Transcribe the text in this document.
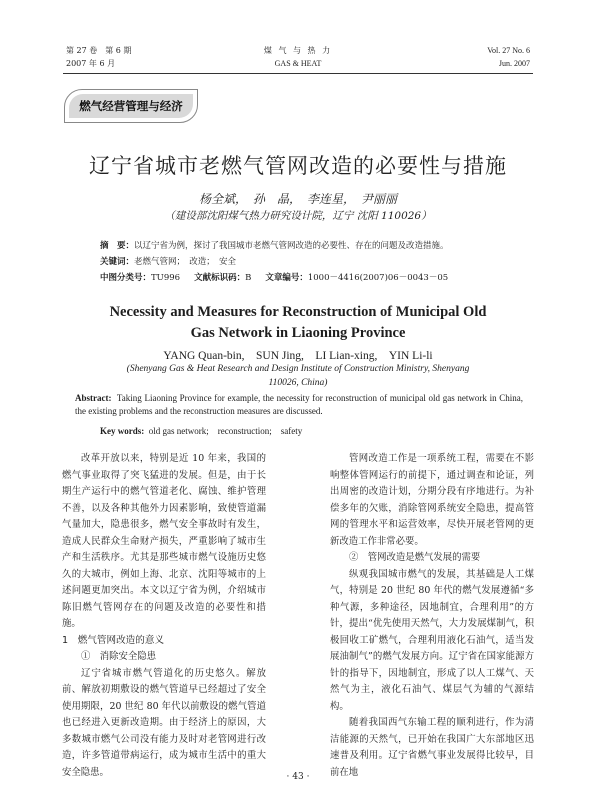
第 27 卷　第 6 期
2007 年 6 月
煤 气 与 热 力
GAS & HEAT
Vol. 27 No. 6
Jun. 2007
燃气经营管理与经济
辽宁省城市老燃气管网改造的必要性与措施
杨全斌，　孙　晶，　李连星，　尹丽丽
（建设部沈阳煤气热力研究设计院，辽宁 沈阳 110026）
摘　要：以辽宁省为例，探讨了我国城市老燃气管网改造的必要性、存在的问题及改造措施。
关键词：老燃气管网；　改造；　安全
中图分类号：TU996 文献标识码：B 文章编号：1000－4416(2007)06－0043－05
Necessity and Measures for Reconstruction of Municipal Old
Gas Network in Liaoning Province
YANG Quan-bin,　SUN Jing,　LI Lian-xing,　YIN Li-li
(Shenyang Gas & Heat Research and Design Institute of Construction Ministry, Shenyang
110026, China)
Abstract: Taking Liaoning Province for example, the necessity for reconstruction of municipal old gas network in China, the existing problems and the reconstruction measures are discussed.
Key words: old gas network;　reconstruction;　safety

改革开放以来，特别是近 10 年来，我国的燃气事业取得了突飞猛进的发展。但是，由于长期生产运行中的燃气管道老化、腐蚀、维护管理不善，以及各种其他外力因素影响，致使管道漏气量加大，隐患很多，燃气安全事故时有发生，造成人民群众生命财产损失，严重影响了城市生产和生活秩序。尤其是那些城市燃气设施历史悠久的大城市，例如上海、北京、沈阳等城市的上述问题更加突出。本文以辽宁省为例，介绍城市陈旧燃气管网存在的问题及改造的必要性和措施。

1　燃气管网改造的意义

①　消除安全隐患

辽宁省城市燃气管道化的历史悠久。解放前、解放初期敷设的燃气管道早已经超过了安全使用期限，20 世纪 80 年代以前敷设的燃气管道也已经进入更新改造期。由于经济上的原因，大多数城市燃气公司没有能力及时对老管网进行改造，许多管道带病运行，成为城市生活中的重大安全隐患。

管网改造工作是一项系统工程，需要在不影响整体管网运行的前提下，通过调查和论证，列出周密的改造计划，分期分段有序地进行。为补偿多年的欠账，消除管网系统安全隐患，提高管网的管理水平和运营效率，尽快开展老管网的更新改造工作非常必要。

②　管网改造是燃气发展的需要

纵观我国城市燃气的发展，其基础是人工煤气，特别是 20 世纪 80 年代的燃气发展遵循“多种气源，多种途径，因地制宜，合理利用”的方针，提出“优先使用天然气，大力发展煤制气，积极回收工矿燃气，合理利用液化石油气，适当发展油制气”的燃气发展方向。辽宁省在国家能源方针的指导下，因地制宜，形成了以人工煤气、天然气为主，液化石油气、煤层气为辅的气源结构。

随着我国西气东输工程的顺利进行，作为清洁能源的天然气，已开始在我国广大东部地区迅速普及利用。辽宁省燃气事业发展得比较早，目前在地

· 43 ·
